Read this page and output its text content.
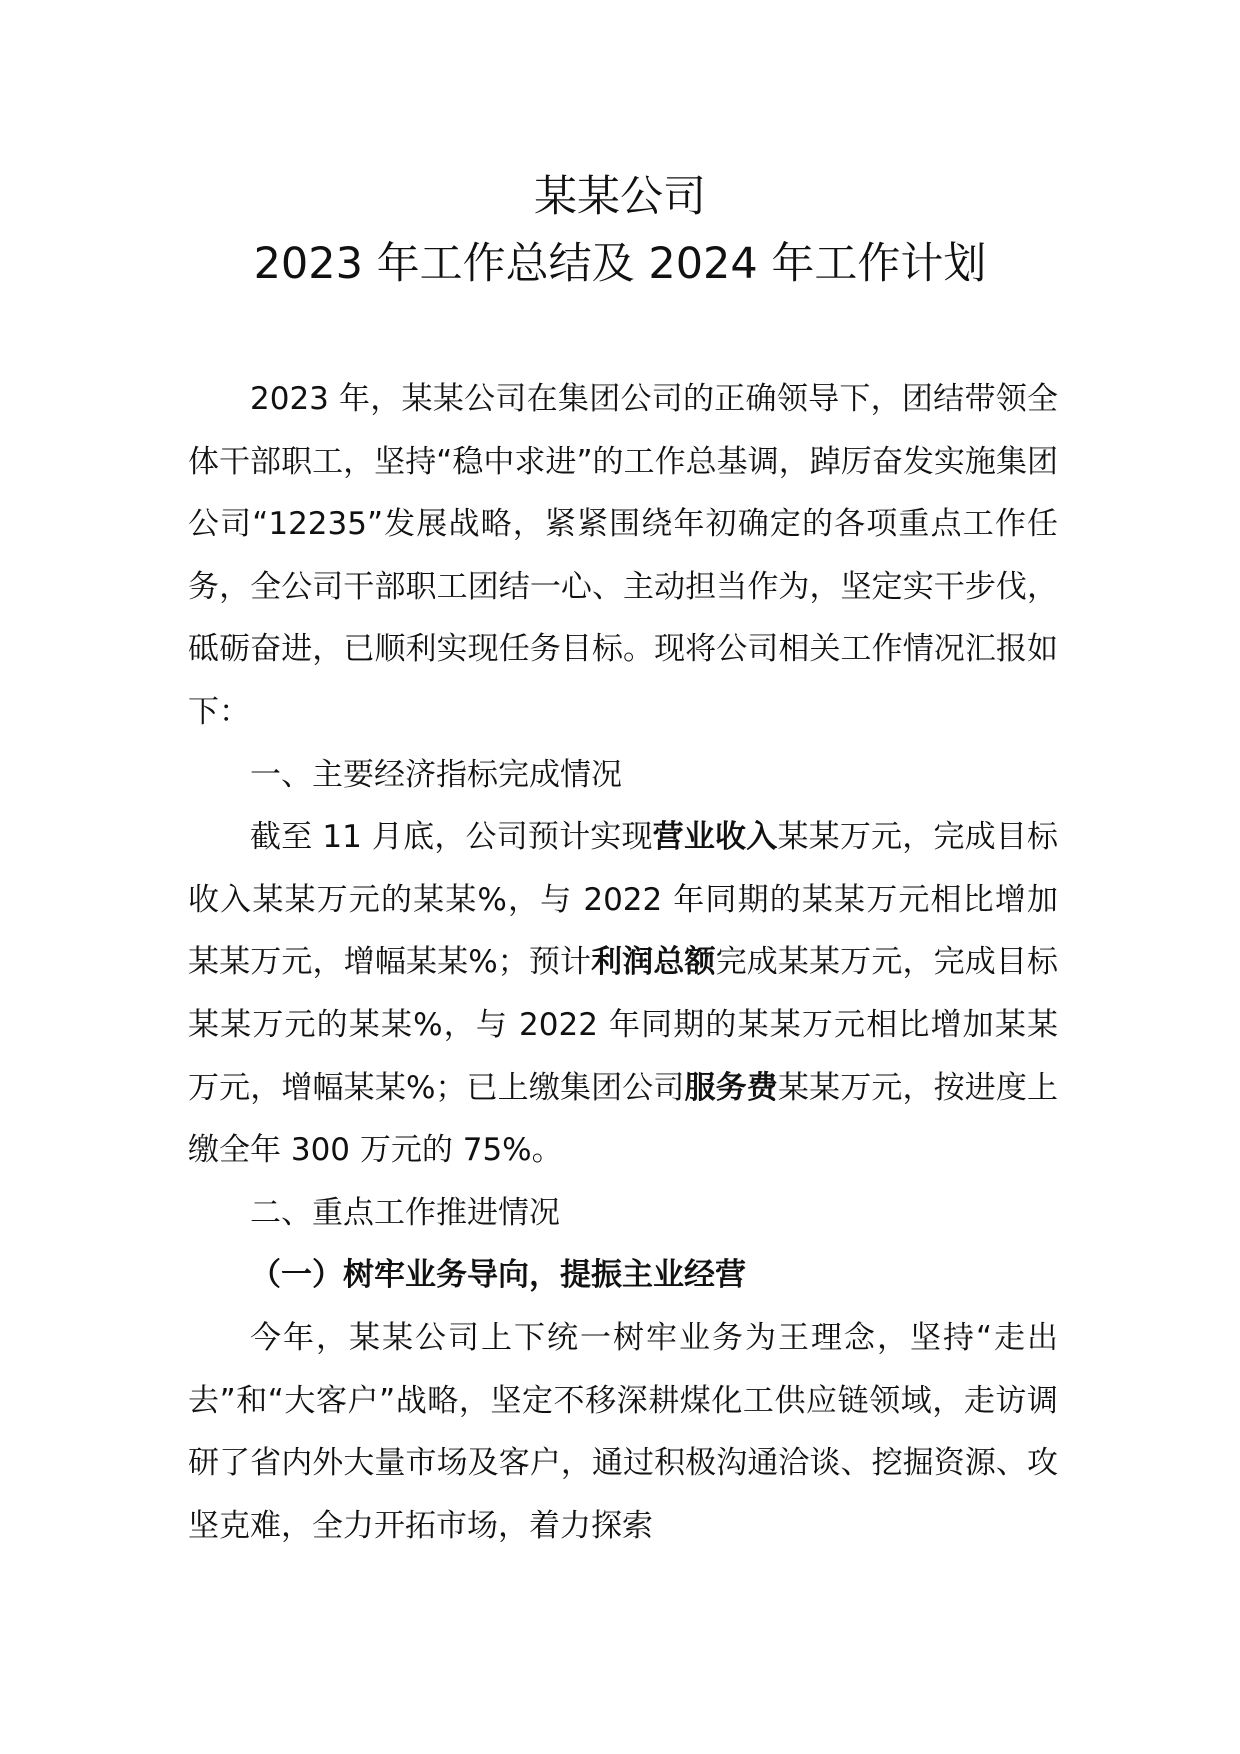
某某公司
2023 年工作总结及 2024 年工作计划

2023 年，某某公司在集团公司的正确领导下，团结带领全体干部职工，坚持“稳中求进”的工作总基调，踔厉奋发实施集团公司“12235”发展战略，紧紧围绕年初确定的各项重点工作任务，全公司干部职工团结一心、主动担当作为，坚定实干步伐，砥砺奋进，已顺利实现任务目标。现将公司相关工作情况汇报如下：

一、主要经济指标完成情况

截至 11 月底，公司预计实现营业收入某某万元，完成目标收入某某万元的某某%，与 2022 年同期的某某万元相比增加某某万元，增幅某某%；预计利润总额完成某某万元，完成目标某某万元的某某%，与 2022 年同期的某某万元相比增加某某万元，增幅某某%；已上缴集团公司服务费某某万元，按进度上缴全年 300 万元的 75%。

二、重点工作推进情况

（一）树牢业务导向，提振主业经营

今年，某某公司上下统一树牢业务为王理念，坚持“走出去”和“大客户”战略，坚定不移深耕煤化工供应链领域，走访调研了省内外大量市场及客户，通过积极沟通洽谈、挖掘资源、攻坚克难，全力开拓市场，着力探索
